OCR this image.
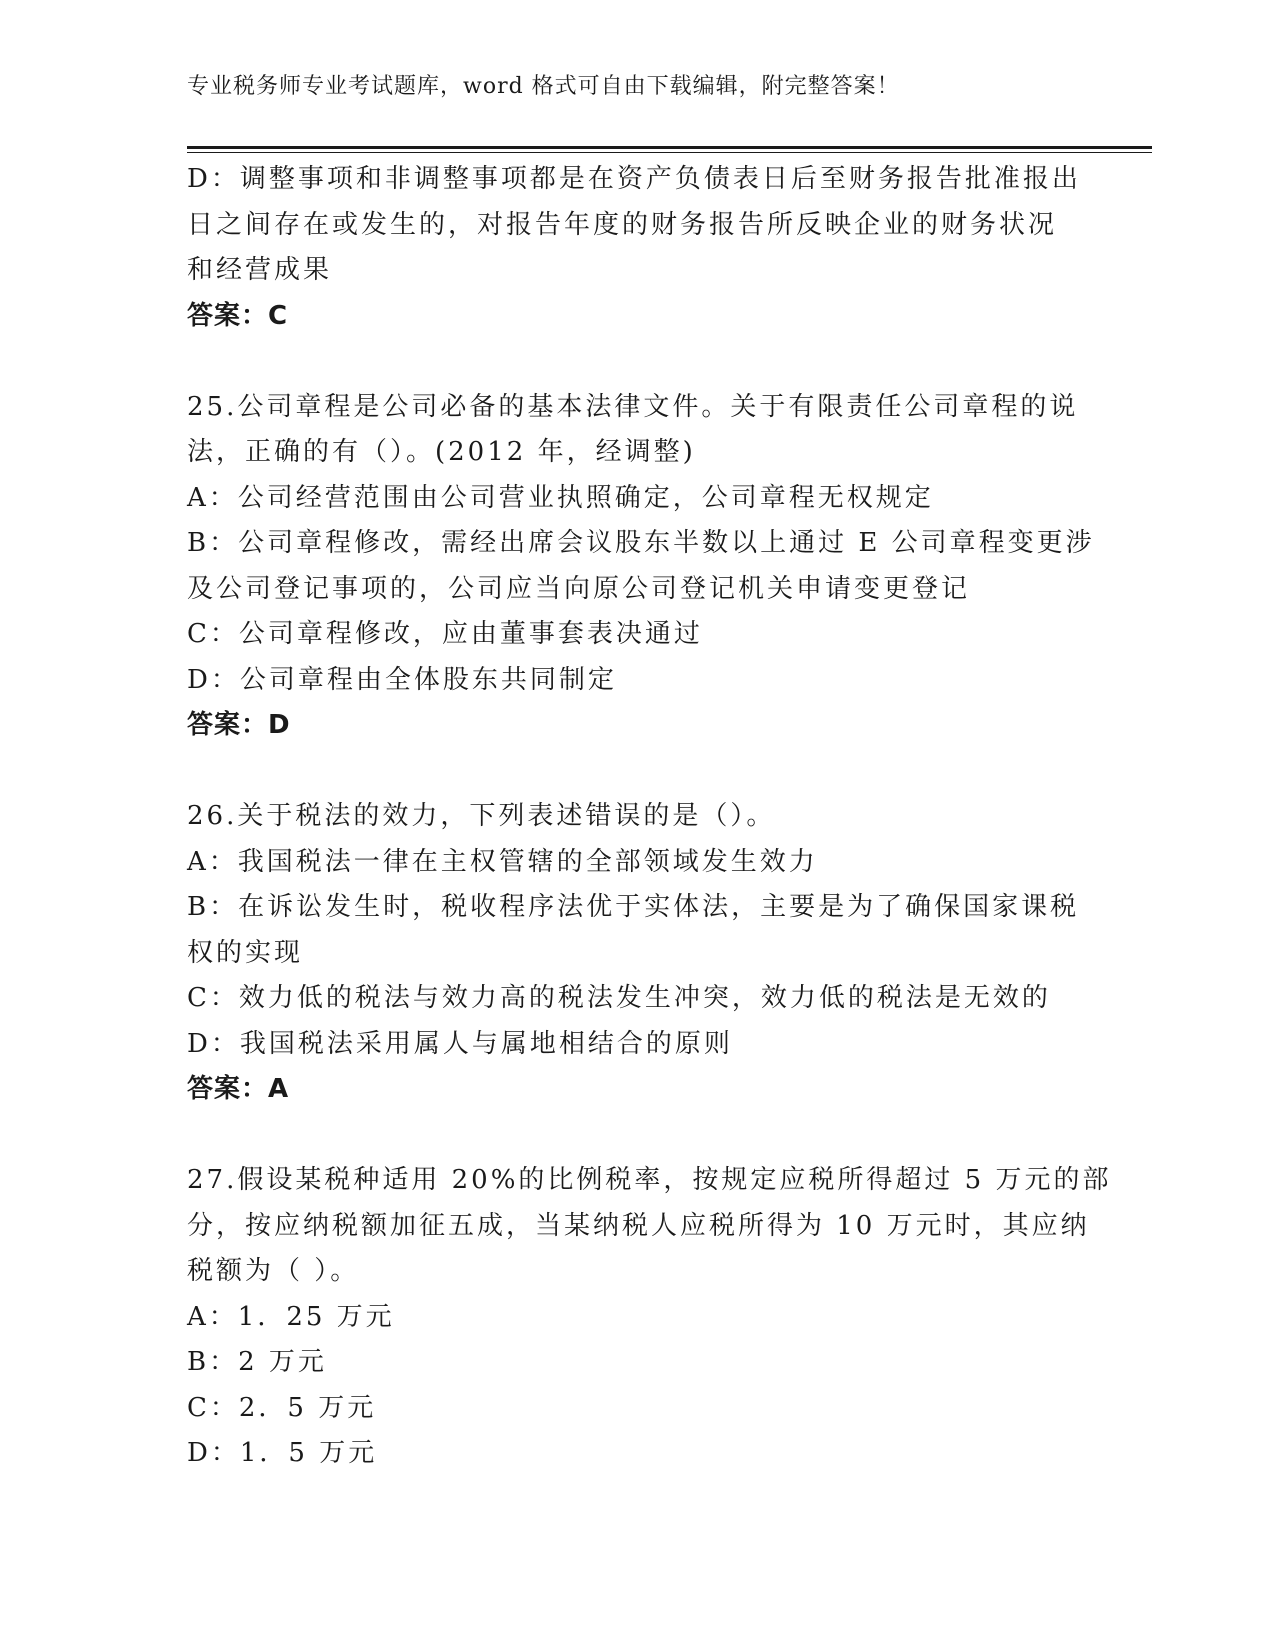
专业税务师专业考试题库，word 格式可自由下载编辑，附完整答案！
D：调整事项和非调整事项都是在资产负债表日后至财务报告批准报出
日之间存在或发生的，对报告年度的财务报告所反映企业的财务状况
和经营成果
答案：C
25.公司章程是公司必备的基本法律文件。关于有限责任公司章程的说
法，正确的有（）。(2012 年，经调整)
A：公司经营范围由公司营业执照确定，公司章程无权规定
B：公司章程修改，需经出席会议股东半数以上通过 E 公司章程变更涉
及公司登记事项的，公司应当向原公司登记机关申请变更登记
C：公司章程修改，应由董事套表决通过
D：公司章程由全体股东共同制定
答案：D
26.关于税法的效力，下列表述错误的是（）。
A：我国税法一律在主权管辖的全部领域发生效力
B：在诉讼发生时，税收程序法优于实体法，主要是为了确保国家课税
权的实现
C：效力低的税法与效力高的税法发生冲突，效力低的税法是无效的
D：我国税法采用属人与属地相结合的原则
答案：A
27.假设某税种适用 20%的比例税率，按规定应税所得超过 5 万元的部
分，按应纳税额加征五成，当某纳税人应税所得为 10 万元时，其应纳
税额为（ ）。
A：1．25 万元
B：2 万元
C：2．5 万元
D：1．5 万元
